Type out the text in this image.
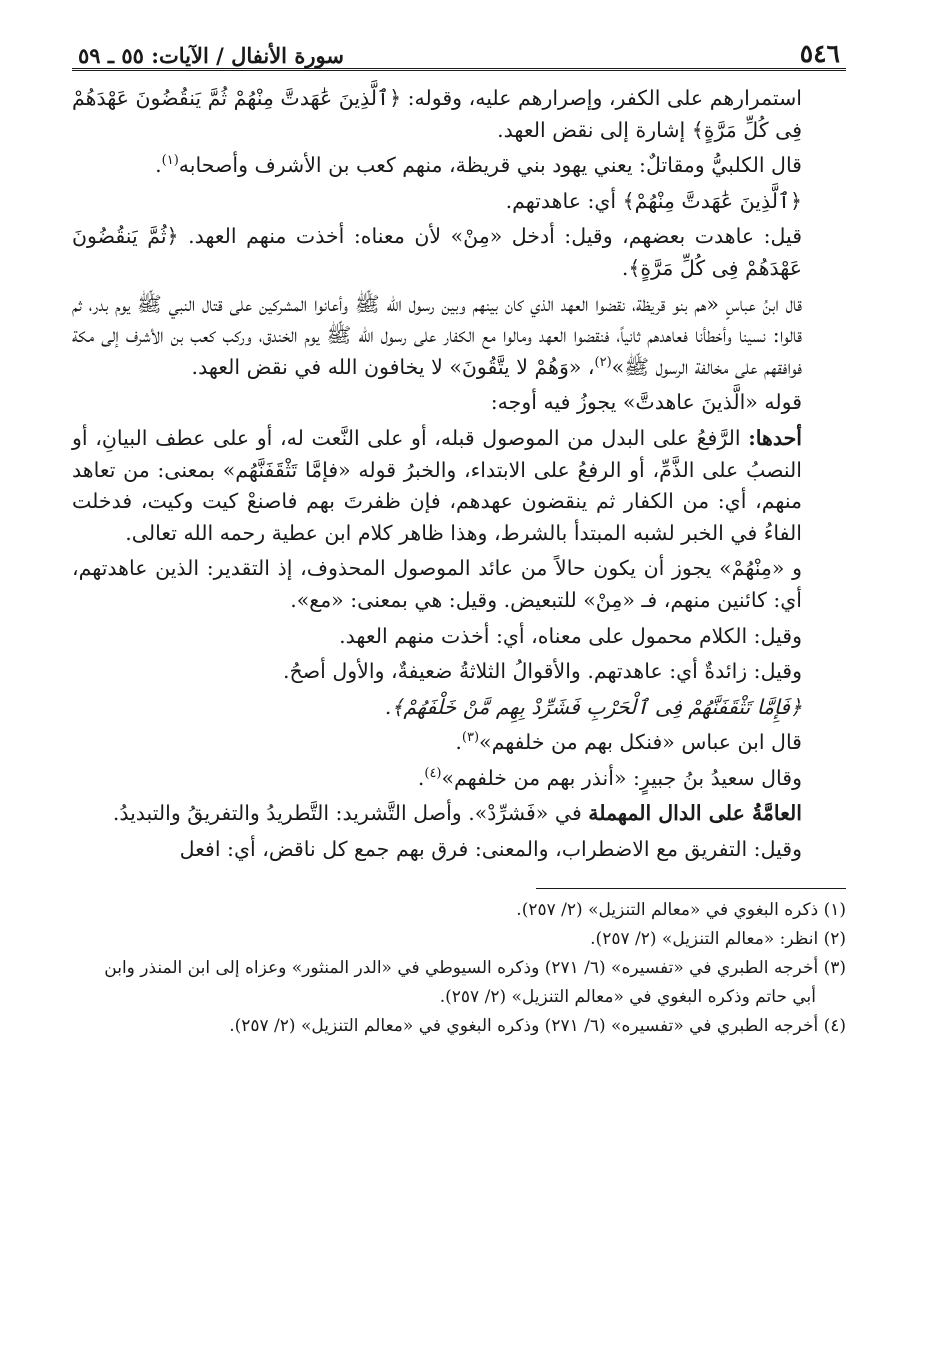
٥٤٦
سورة الأنفال / الآيات: ٥٥ ـ ٥٩

استمرارهم على الكفر، وإصرارهم عليه، وقوله: ﴿ٱلَّذِينَ عَٰهَدتَّ مِنْهُمْ ثُمَّ يَنقُضُونَ عَهْدَهُمْ فِى كُلِّ مَرَّةٍ﴾ إشارة إلى نقض العهد.

قال الكلبيُّ ومقاتلٌ: يعني يهود بني قريظة، منهم كعب بن الأشرف وأصحابه$^{(١)}$.

﴿ٱلَّذِينَ عَٰهَدتَّ مِنْهُمْ﴾ أي: عاهدتهم.

قيل: عاهدت بعضهم، وقيل: أدخل «مِنْ» لأن معناه: أخذت منهم العهد. ﴿ثُمَّ يَنقُضُونَ عَهْدَهُمْ فِى كُلِّ مَرَّةٍ﴾.

قال ابنُ عباسٍ «هم بنو قريظة، نقضوا العهد الذي كان بينهم وبين رسول الله ﷺ وأعانوا المشركين على قتال النبي ﷺ يوم بدر، ثم قالوا: نسينا وأخطأنا فعاهدهم ثانياً، فنقضوا العهد ومالوا مع الكفار على رسول الله ﷺ يوم الخندق، وركب كعب بن الأشرف إلى مكة فوافقهم على مخالفة الرسول ﷺ»$^{(٢)}$، «وَهُمْ لا يتَّقُونَ» لا يخافون الله في نقض العهد.

قوله «الَّذينَ عاهدتَّ» يجوزُ فيه أوجه:

أحدها: الرَّفعُ على البدل من الموصول قبله، أو على النَّعت له، أو على عطف البيانِ، أو النصبُ على الذَّمِّ، أو الرفعُ على الابتداء، والخبرُ قوله «فإمَّا تَثْقَفَنَّهُم» بمعنى: من تعاهد منهم، أي: من الكفار ثم ينقضون عهدهم، فإن ظفرتَ بهم فاصنعْ كيت وكيت، فدخلت الفاءُ في الخبر لشبه المبتدأ بالشرط، وهذا ظاهر كلام ابن عطية رحمه الله تعالى.

و «مِنْهُمْ» يجوز أن يكون حالاً من عائد الموصول المحذوف، إذ التقدير: الذين عاهدتهم، أي: كائنين منهم، فـ «مِنْ» للتبعيض. وقيل: هي بمعنى: «مع».

وقيل: الكلام محمول على معناه، أي: أخذت منهم العهد.

وقيل: زائدةٌ أي: عاهدتهم. والأقوالُ الثلاثةُ ضعيفةٌ، والأول أصحُ.

﴿فَإِمَّا تَثْقَفَنَّهُمْ فِى ٱلْحَرْبِ فَشَرِّدْ بِهِم مَّنْ خَلْفَهُمْ﴾.

قال ابن عباس «فنكل بهم من خلفهم»$^{(٣)}$.

وقال سعيدُ بنُ جبيرٍ: «أنذر بهم من خلفهم»$^{(٤)}$.

العامَّةُ على الدال المهملة في «فَشرِّدْ». وأصل التَّشريد: التَّطريدُ والتفريقُ والتبديدُ.

وقيل: التفريق مع الاضطراب، والمعنى: فرق بهم جمع كل ناقض، أي: افعل

(١) ذكره البغوي في «معالم التنزيل» (٢/ ٢٥٧).

(٢) انظر: «معالم التنزيل» (٢/ ٢٥٧).

(٣) أخرجه الطبري في «تفسيره» (٦/ ٢٧١) وذكره السيوطي في «الدر المنثور» وعزاه إلى ابن المنذر وابن

أبي حاتم وذكره البغوي في «معالم التنزيل» (٢/ ٢٥٧).

(٤) أخرجه الطبري في «تفسيره» (٦/ ٢٧١) وذكره البغوي في «معالم التنزيل» (٢/ ٢٥٧).
